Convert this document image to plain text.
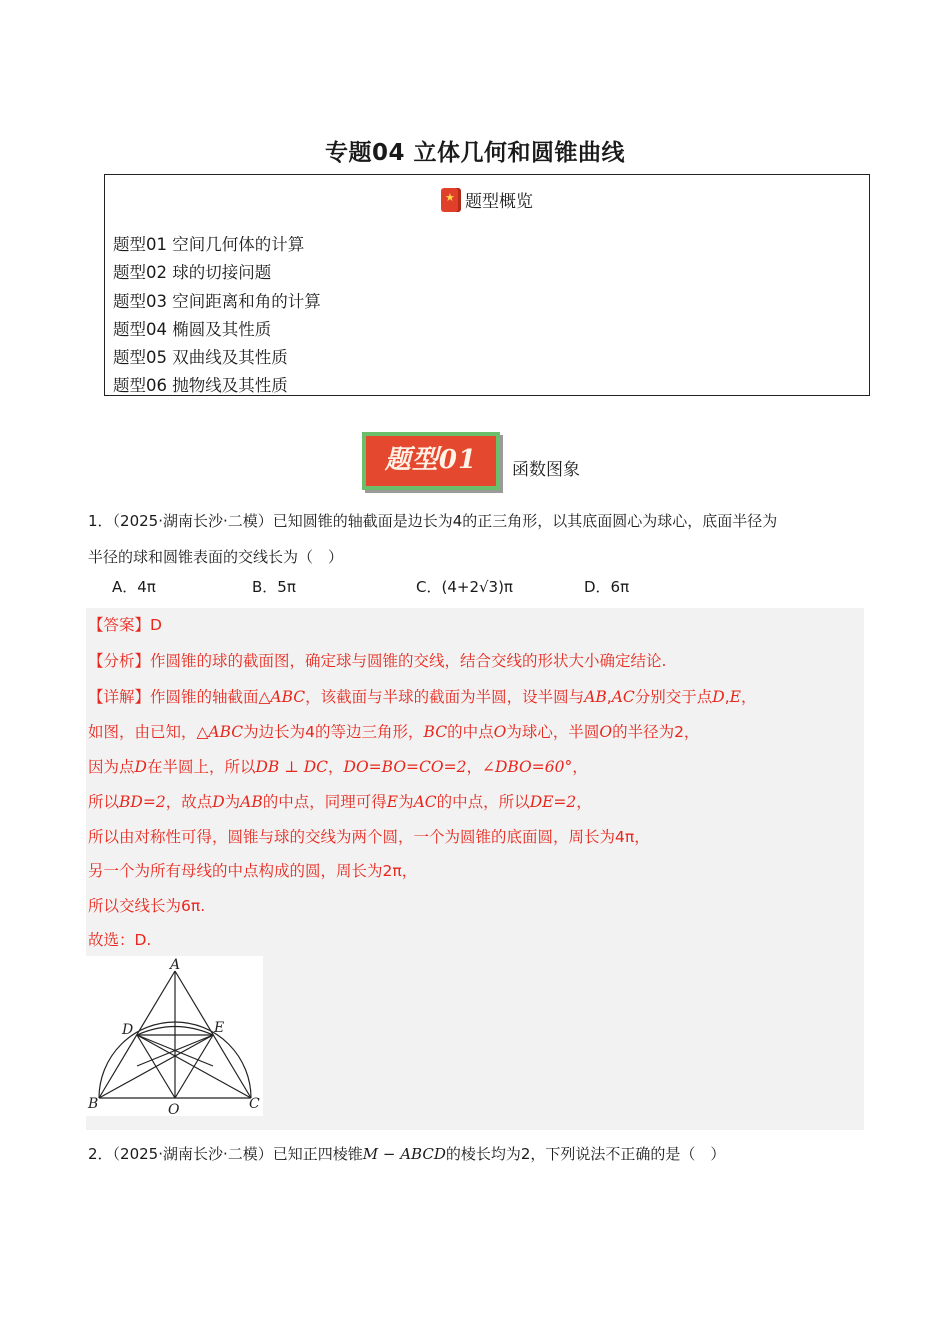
专题04 立体几何和圆锥曲线
★题型概览
题型01 空间几何体的计算
题型02 球的切接问题
题型03 空间距离和角的计算
题型04 椭圆及其性质
题型05 双曲线及其性质
题型06 抛物线及其性质
题型01	函数图象
1．（2025·湖南长沙·二模）已知圆锥的轴截面是边长为4的正三角形，以其底面圆心为球心，底面半径为
半径的球和圆锥表面的交线长为（　）
A．4π	B．5π	C．(4+2√3)π	D．6π
【答案】D
【分析】作圆锥的球的截面图，确定球与圆锥的交线，结合交线的形状大小确定结论.
【详解】作圆锥的轴截面△ABC，该截面与半球的截面为半圆，设半圆与AB,AC分别交于点D,E，
如图，由已知，△ABC为边长为4的等边三角形，BC的中点O为球心，半圆O的半径为2，
因为点D在半圆上，所以DB ⊥ DC，DO=BO=CO=2，∠DBO=60°，
所以BD=2，故点D为AB的中点，同理可得E为AC的中点，所以DE=2，
所以由对称性可得，圆锥与球的交线为两个圆，一个为圆锥的底面圆，周长为4π，
另一个为所有母线的中点构成的圆，周长为2π，
所以交线长为6π.
故选：D.
A
B	C
D	E
O
2．（2025·湖南长沙·二模）已知正四棱锥M − ABCD的棱长均为2，下列说法不正确的是（　）
